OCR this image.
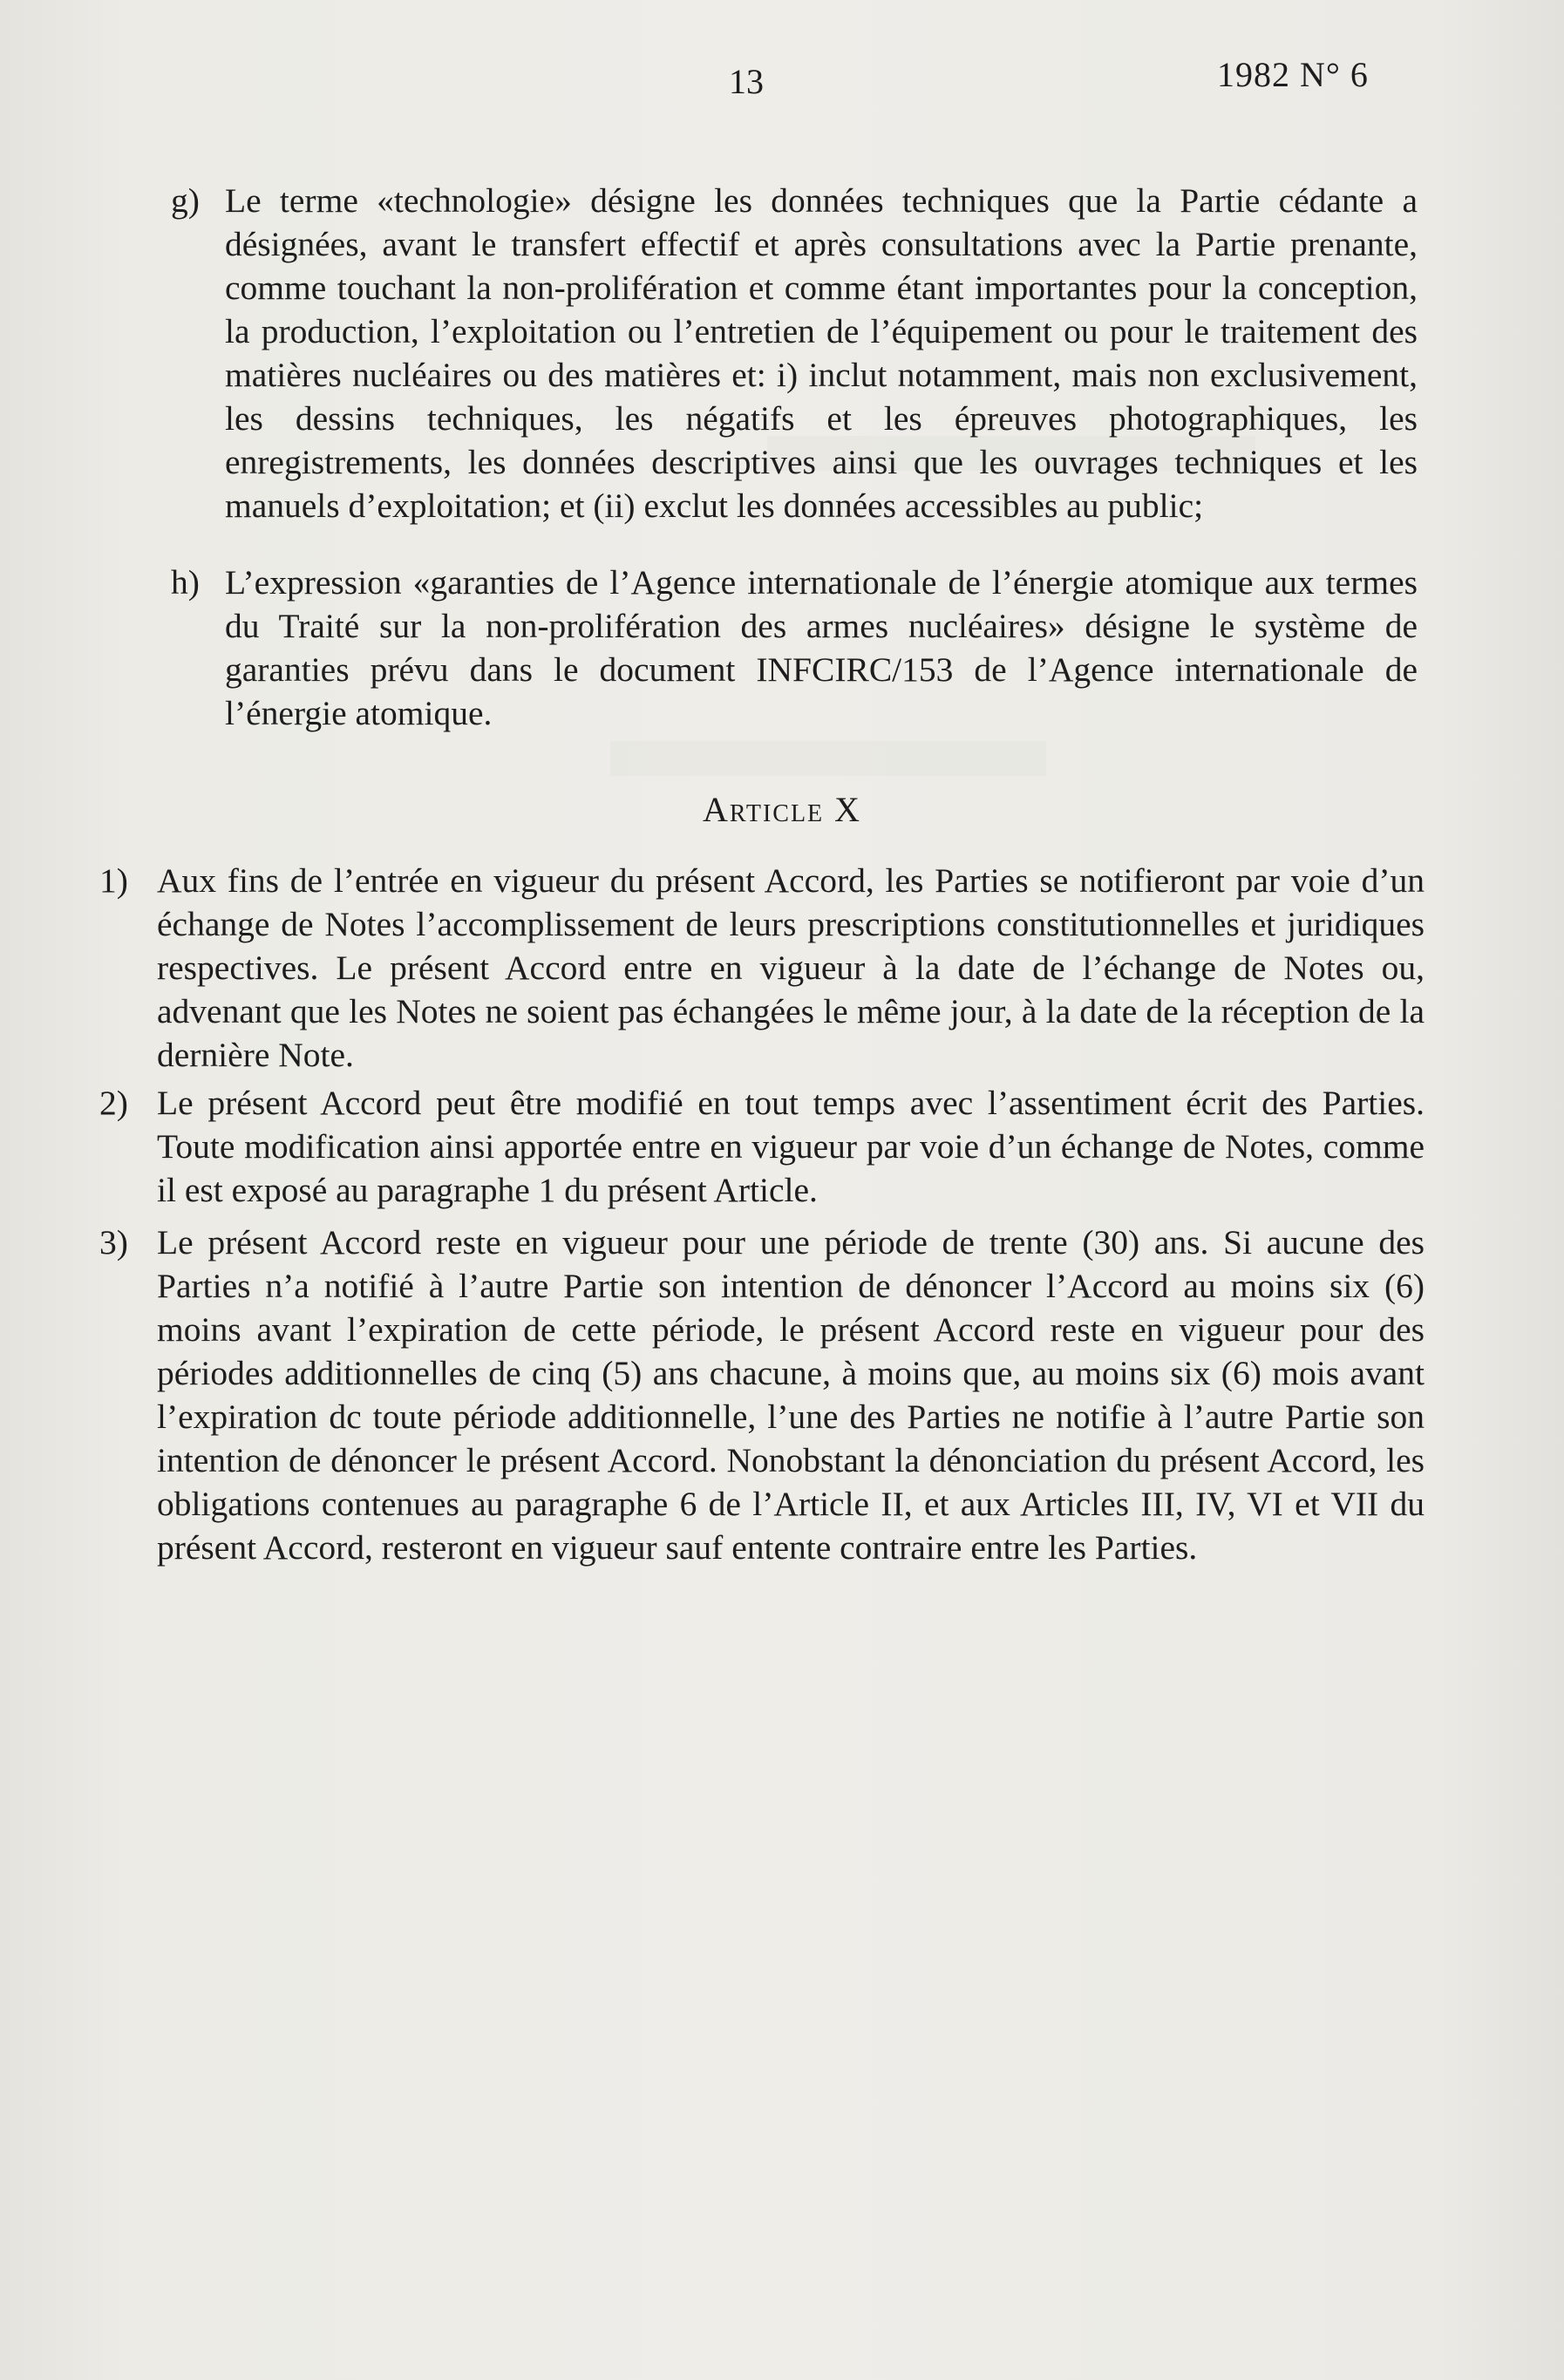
13	1982 N° 6
g) Le terme «technologie» désigne les données techniques que la Partie cédante a désignées, avant le transfert effectif et après consultations avec la Partie prenante, comme touchant la non-prolifération et comme étant importantes pour la conception, la production, l’exploitation ou l’entretien de l’équipement ou pour le traitement des matières nucléaires ou des matières et: i) inclut notamment, mais non exclusivement, les dessins techniques, les négatifs et les épreuves photographiques, les enregistrements, les données descriptives ainsi que les ouvrages techniques et les manuels d’exploitation; et (ii) exclut les données accessibles au public;
h) L’expression «garanties de l’Agence internationale de l’énergie atomique aux termes du Traité sur la non-prolifération des armes nucléaires» désigne le système de garanties prévu dans le document INFCIRC/153 de l’Agence internationale de l’énergie atomique.
Article X
1) Aux fins de l’entrée en vigueur du présent Accord, les Parties se notifieront par voie d’un échange de Notes l’accomplissement de leurs prescriptions constitutionnelles et juridiques respectives. Le présent Accord entre en vigueur à la date de l’échange de Notes ou, advenant que les Notes ne soient pas échangées le même jour, à la date de la réception de la dernière Note.
2) Le présent Accord peut être modifié en tout temps avec l’assentiment écrit des Parties. Toute modification ainsi apportée entre en vigueur par voie d’un échange de Notes, comme il est exposé au paragraphe 1 du présent Article.
3) Le présent Accord reste en vigueur pour une période de trente (30) ans. Si aucune des Parties n’a notifié à l’autre Partie son intention de dénoncer l’Accord au moins six (6) moins avant l’expiration de cette période, le présent Accord reste en vigueur pour des périodes additionnelles de cinq (5) ans chacune, à moins que, au moins six (6) mois avant l’expiration dc toute période additionnelle, l’une des Parties ne notifie à l’autre Partie son intention de dénoncer le présent Accord. Nonobstant la dénonciation du présent Accord, les obligations contenues au paragraphe 6 de l’Article II, et aux Articles III, IV, VI et VII du présent Accord, resteront en vigueur sauf entente contraire entre les Parties.
